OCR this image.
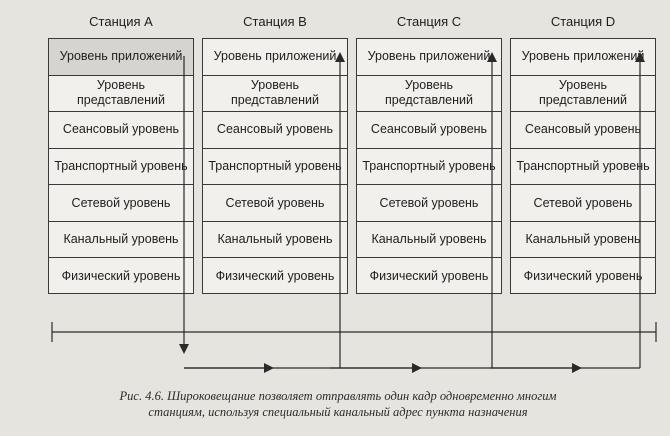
Станция A
Уровень приложений
Уровень представлений
Сеансовый уровень
Транспортный уровень
Сетевой уровень
Канальный уровень
Физический уровень
Станция B
Уровень приложений
Уровень представлений
Сеансовый уровень
Транспортный уровень
Сетевой уровень
Канальный уровень
Физический уровень
Станция C
Уровень приложений
Уровень представлений
Сеансовый уровень
Транспортный уровень
Сетевой уровень
Канальный уровень
Физический уровень
Станция D
Уровень приложений
Уровень представлений
Сеансовый уровень
Транспортный уровень
Сетевой уровень
Канальный уровень
Физический уровень
Рис. 4.6. Широковещание позволяет отправлять один кадр одновременно многим
станциям, используя специальный канальный адрес пункта назначения
